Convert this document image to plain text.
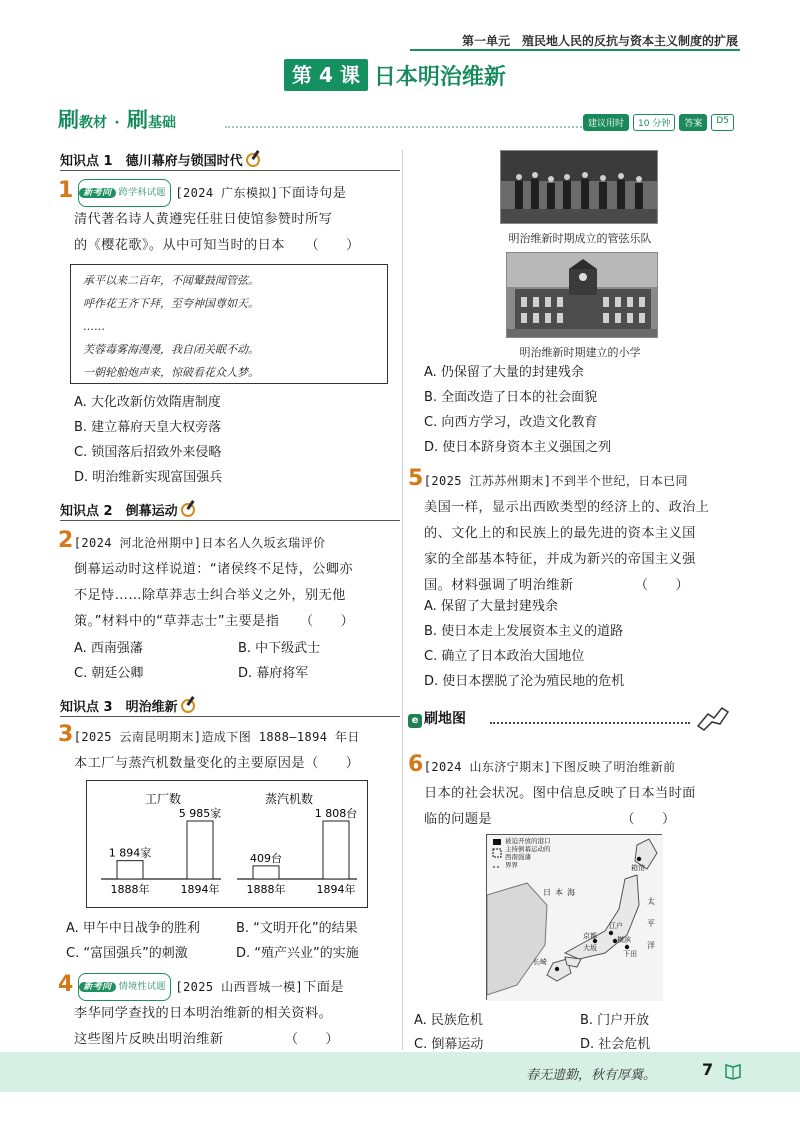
第一单元　殖民地人民的反抗与资本主义制度的扩展
第 4 课 日本明治维新
刷教材 · 刷基础	建议用时	10 分钟	答案	D5
知识点 1　德川幕府与锁国时代
1 新考向 跨学科试题 [2024 广东模拟]下面诗句是
清代著名诗人黄遵宪任驻日使馆参赞时所写
的《樱花歌》。从中可知当时的日本　　（　　）
承平以来二百年，不闻鼙鼓闻管弦。
呼作花王齐下拜，至夸神国尊如天。
……
芙蓉毒雾海漫漫，我自闭关眠不动。
一朝轮舶炮声来，惊破看花众人梦。
A. 大化改新仿效隋唐制度
B. 建立幕府天皇大权旁落
C. 锁国落后招致外来侵略
D. 明治维新实现富国强兵
知识点 2　倒幕运动
2[2024 河北沧州期中]日本名人久坂玄瑞评价
倒幕运动时这样说道：“诸侯终不足恃，公卿亦
不足恃……除草莽志士纠合举义之外，别无他
策。”材料中的“草莽志士”主要是指　　（　　）
A. 西南强藩	B. 中下级武士
C. 朝廷公卿	D. 幕府将军
知识点 3　明治维新
3[2025 云南昆明期末]造成下图 1888—1894 年日
本工厂与蒸汽机数量变化的主要原因是（　　）
工厂数
1 894家
1888年
5 985家
1894年
蒸汽机数
409台
1888年
1 808台
1894年
A. 甲午中日战争的胜利	B. “文明开化”的结果
C. “富国强兵”的刺激	D. “殖产兴业”的实施
4 新考向 情境性试题 [2025 山西晋城一模]下面是
李华同学查找的日本明治维新的相关资料。
这些图片反映出明治维新　　　　　（　　）
明治维新时期成立的管弦乐队
明治维新时期建立的小学
A. 仍保留了大量的封建残余
B. 全面改造了日本的社会面貌
C. 向西方学习，改造文化教育
D. 使日本跻身资本主义强国之列
5[2025 江苏苏州期末]不到半个世纪，日本已同
美国一样，显示出西欧类型的经济上的、政治上
的、文化上的和民族上的最先进的资本主义国
家的全部基本特征，并成为新兴的帝国主义强
国。材料强调了明治维新　　　　　（　　）
A. 保留了大量封建残余
B. 使日本走上发展资本主义的道路
C. 确立了日本政治大国地位
D. 使日本摆脱了沦为殖民地的危机
e 刷地图
6[2024 山东济宁期末]下图反映了明治维新前
日本的社会状况。图中信息反映了日本当时面
临的问题是　　　　　　　　　　（　　）
被迫开放的港口
主持倒幕运动的
西南强藩
界界
日本海
太平洋
江户
横滨
京都
大坂
下田
长崎
箱馆
A. 民族危机	B. 门户开放
C. 倒幕运动	D. 社会危机
春无遗勤，秋有厚冀。	7
